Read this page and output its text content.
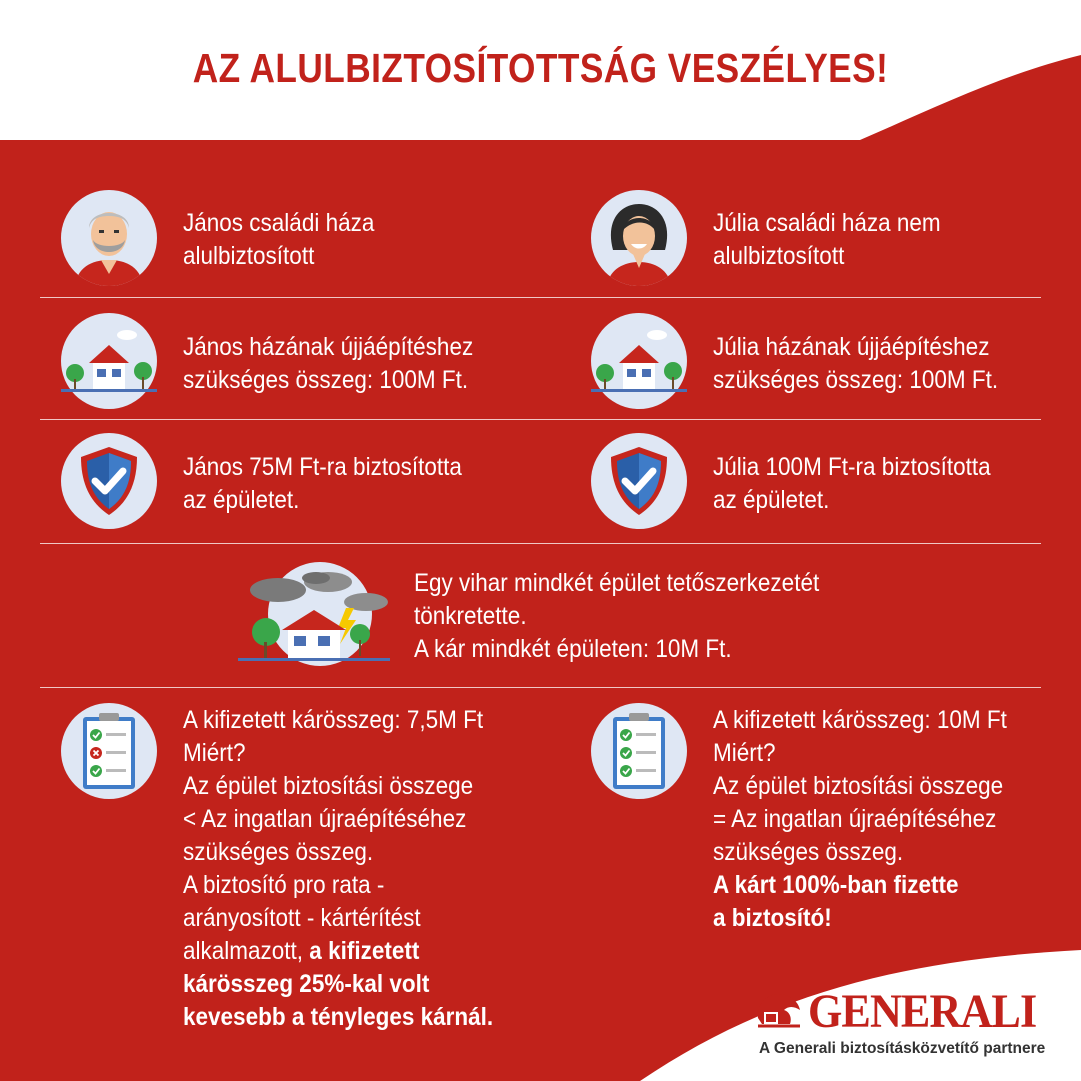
AZ ALULBIZTOSÍTOTTSÁG VESZÉLYES!
János családi háza
alulbiztosított
Júlia családi háza nem
alulbiztosított
János házának újjáépítéshez
szükséges összeg: 100M Ft.
Júlia házának újjáépítéshez
szükséges összeg: 100M Ft.
János 75M Ft-ra biztosította
az épületet.
Júlia 100M Ft-ra biztosította
az épületet.
Egy vihar mindkét épület tetőszerkezetét
tönkretette.
A kár mindkét épületen: 10M Ft.
A kifizetett kárösszeg: 7,5M Ft
Miért?
Az épület biztosítási összege
< Az ingatlan újraépítéséhez
szükséges összeg.
A biztosító pro rata -
arányosított - kártérítést
alkalmazott, a kifizetett
kárösszeg 25%-kal volt
kevesebb a tényleges kárnál.
A kifizetett kárösszeg: 10M Ft
Miért?
Az épület biztosítási összege
= Az ingatlan újraépítéséhez
szükséges összeg.
A kárt 100%-ban fizette
a biztosító!
GENERALI
A Generali biztosításközvetítő partnere
